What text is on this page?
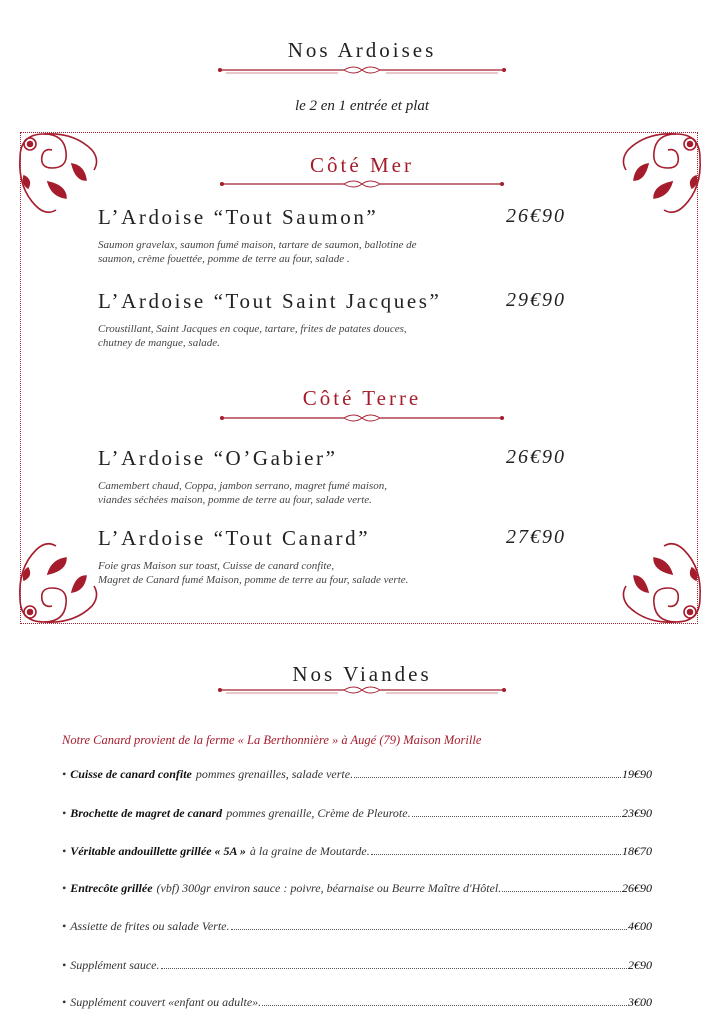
Nos Ardoises
le 2 en 1 entrée et plat
Côté Mer
L’Ardoise “Tout Saumon”	26€90
Saumon gravelax, saumon fumé maison, tartare de saumon, ballotine de
saumon, crème fouettée, pomme de terre au four, salade .
L’Ardoise “Tout Saint Jacques”	29€90
Croustillant, Saint Jacques en coque, tartare, frites de patates douces,
chutney de mangue, salade.
Côté Terre
L’Ardoise “O’Gabier”	26€90
Camembert chaud, Coppa, jambon serrano, magret fumé maison,
viandes séchées maison, pomme de terre au four, salade verte.
L’Ardoise “Tout Canard”	27€90
Foie gras Maison sur toast, Cuisse de canard confite,
Magret de Canard fumé Maison, pomme de terre au four, salade verte.
Nos Viandes
Notre Canard provient de la ferme « La Berthonnière » à Augé (79) Maison Morille
• Cuisse de canard confite pommes grenailles, salade verte.	19€90
• Brochette de magret de canard pommes grenaille, Crème de Pleurote.	23€90
• Véritable andouillette grillée « 5A » à la graine de Moutarde.	18€70
• Entrecôte grillée (vbf) 300gr environ sauce : poivre, béarnaise ou Beurre Maître d'Hôtel.	26€90
• Assiette de frites ou salade Verte.	4€00
• Supplément sauce.	2€90
• Supplément couvert «enfant ou adulte».	3€00
